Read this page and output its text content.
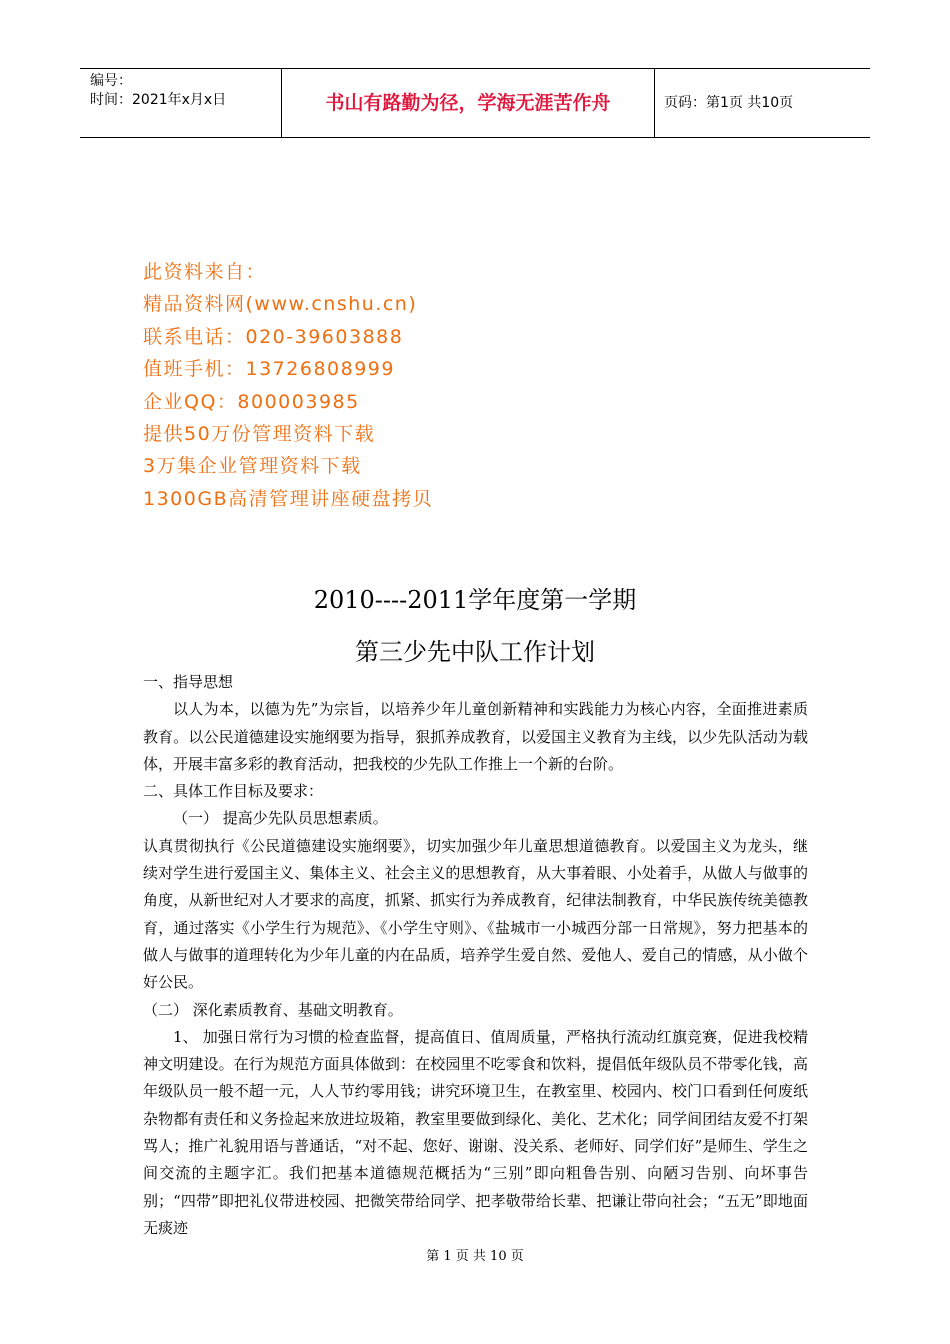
编号：
时间：2021年x月x日	书山有路勤为径，学海无涯苦作舟	页码：第1页 共10页
此资料来自：
精品资料网(www.cnshu.cn)
联系电话：020-39603888
值班手机：13726808999
企业QQ：800003985
提供50万份管理资料下载
3万集企业管理资料下载
1300GB高清管理讲座硬盘拷贝
2010----2011学年度第一学期
第三少先中队工作计划

一、指导思想

以人为本，以德为先”为宗旨，以培养少年儿童创新精神和实践能力为核心内容，全面推进素质教育。以公民道德建设实施纲要为指导，狠抓养成教育，以爱国主义教育为主线，以少先队活动为载体，开展丰富多彩的教育活动，把我校的少先队工作推上一个新的台阶。

二、具体工作目标及要求：

（一） 提高少先队员思想素质。

认真贯彻执行《公民道德建设实施纲要》，切实加强少年儿童思想道德教育。以爱国主义为龙头，继续对学生进行爱国主义、集体主义、社会主义的思想教育，从大事着眼、小处着手，从做人与做事的角度，从新世纪对人才要求的高度，抓紧、抓实行为养成教育，纪律法制教育，中华民族传统美德教育，通过落实《小学生行为规范》、《小学生守则》、《盐城市一小城西分部一日常规》，努力把基本的做人与做事的道理转化为少年儿童的内在品质，培养学生爱自然、爱他人、爱自己的情感，从小做个好公民。

（二） 深化素质教育、基础文明教育。

1、 加强日常行为习惯的检查监督，提高值日、值周质量，严格执行流动红旗竞赛，促进我校精神文明建设。在行为规范方面具体做到：在校园里不吃零食和饮料，提倡低年级队员不带零化钱，高年级队员一般不超一元，人人节约零用钱；讲究环境卫生，在教室里、校园内、校门口看到任何废纸杂物都有责任和义务捡起来放进垃圾箱，教室里要做到绿化、美化、艺术化；同学间团结友爱不打架骂人；推广礼貌用语与普通话，“对不起、您好、谢谢、没关系、老师好、同学们好”是师生、学生之间交流的主题字汇。我们把基本道德规范概括为“三别”即向粗鲁告别、向陋习告别、向坏事告别；“四带”即把礼仪带进校园、把微笑带给同学、把孝敬带给长辈、把谦让带向社会；“五无”即地面无痰迹

第 1 页 共 10 页
